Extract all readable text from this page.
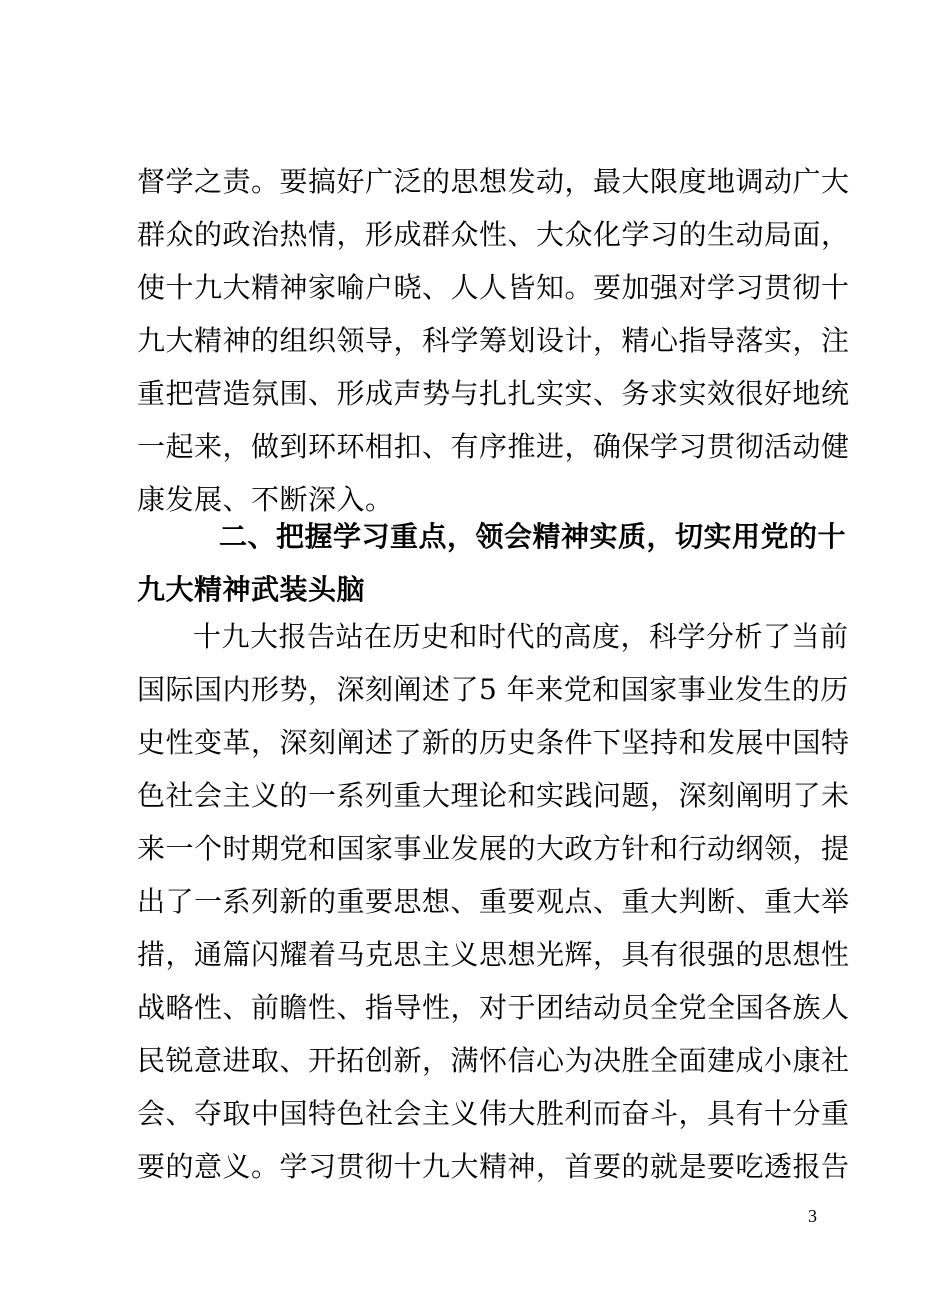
督学之责。要搞好广泛的思想发动，最大限度地调动广大
群众的政治热情，形成群众性、大众化学习的生动局面，
使十九大精神家喻户晓、人人皆知。要加强对学习贯彻十
九大精神的组织领导，科学筹划设计，精心指导落实，注
重把营造氛围、形成声势与扎扎实实、务求实效很好地统
一起来，做到环环相扣、有序推进，确保学习贯彻活动健
康发展、不断深入。
二、把握学习重点，领会精神实质，切实用党的十
九大精神武装头脑
十九大报告站在历史和时代的高度，科学分析了当前
国际国内形势，深刻阐述了5 年来党和国家事业发生的历
史性变革，深刻阐述了新的历史条件下坚持和发展中国特
色社会主义的一系列重大理论和实践问题，深刻阐明了未
来一个时期党和国家事业发展的大政方针和行动纲领，提
出了一系列新的重要思想、重要观点、重大判断、重大举
措，通篇闪耀着马克思主义思想光辉，具有很强的思想性
战略性、前瞻性、指导性，对于团结动员全党全国各族人
民锐意进取、开拓创新，满怀信心为决胜全面建成小康社
会、夺取中国特色社会主义伟大胜利而奋斗，具有十分重
要的意义。学习贯彻十九大精神，首要的就是要吃透报告
3
